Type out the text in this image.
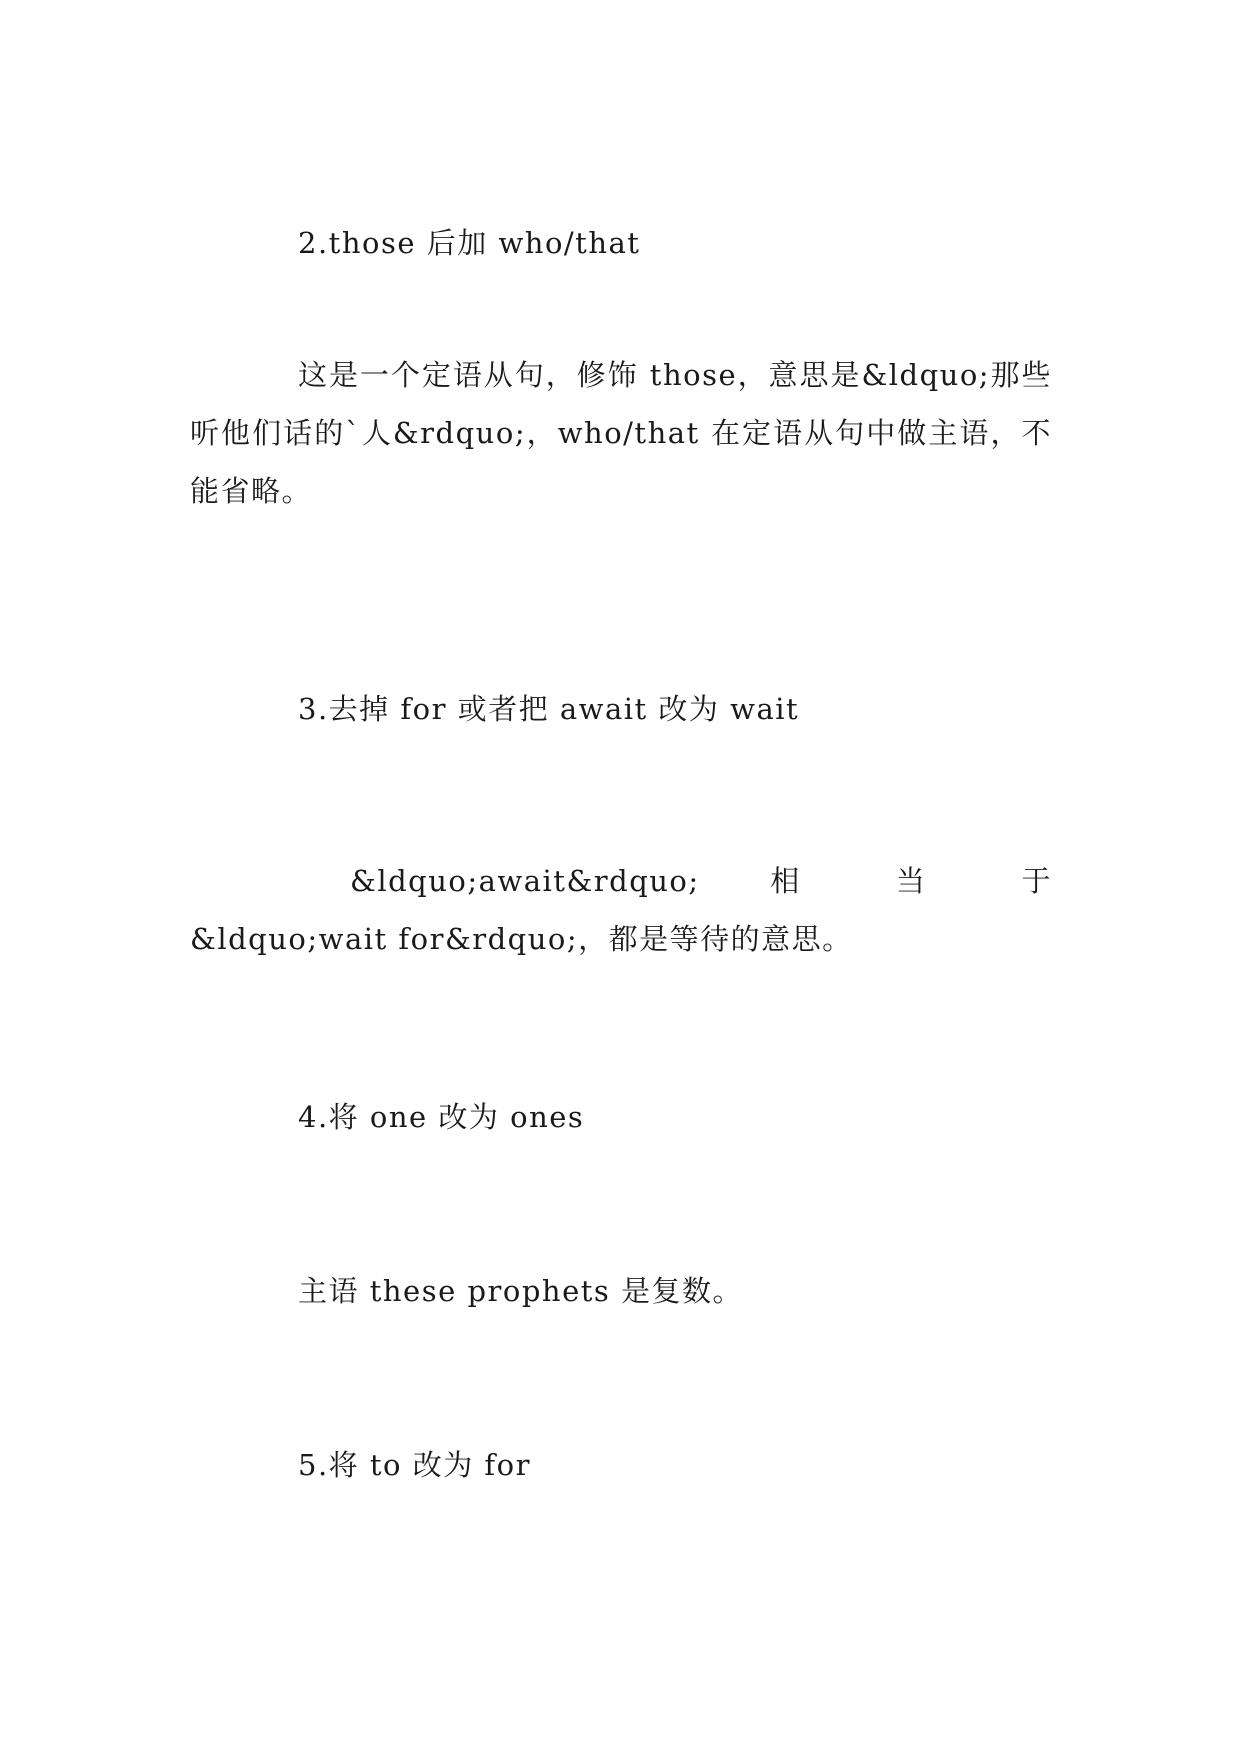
2.those 后加 who/that

这是一个定语从句，修饰 those，意思是&ldquo;那些听他们话的`人&rdquo;，who/that 在定语从句中做主语，不能省略。

3.去掉 for 或者把 await 改为 wait

&ldquo;await&rdquo;  相  当  于  &ldquo;wait for&rdquo;，都是等待的意思。

4.将 one 改为 ones

主语 these prophets 是复数。

5.将 to 改为 for
